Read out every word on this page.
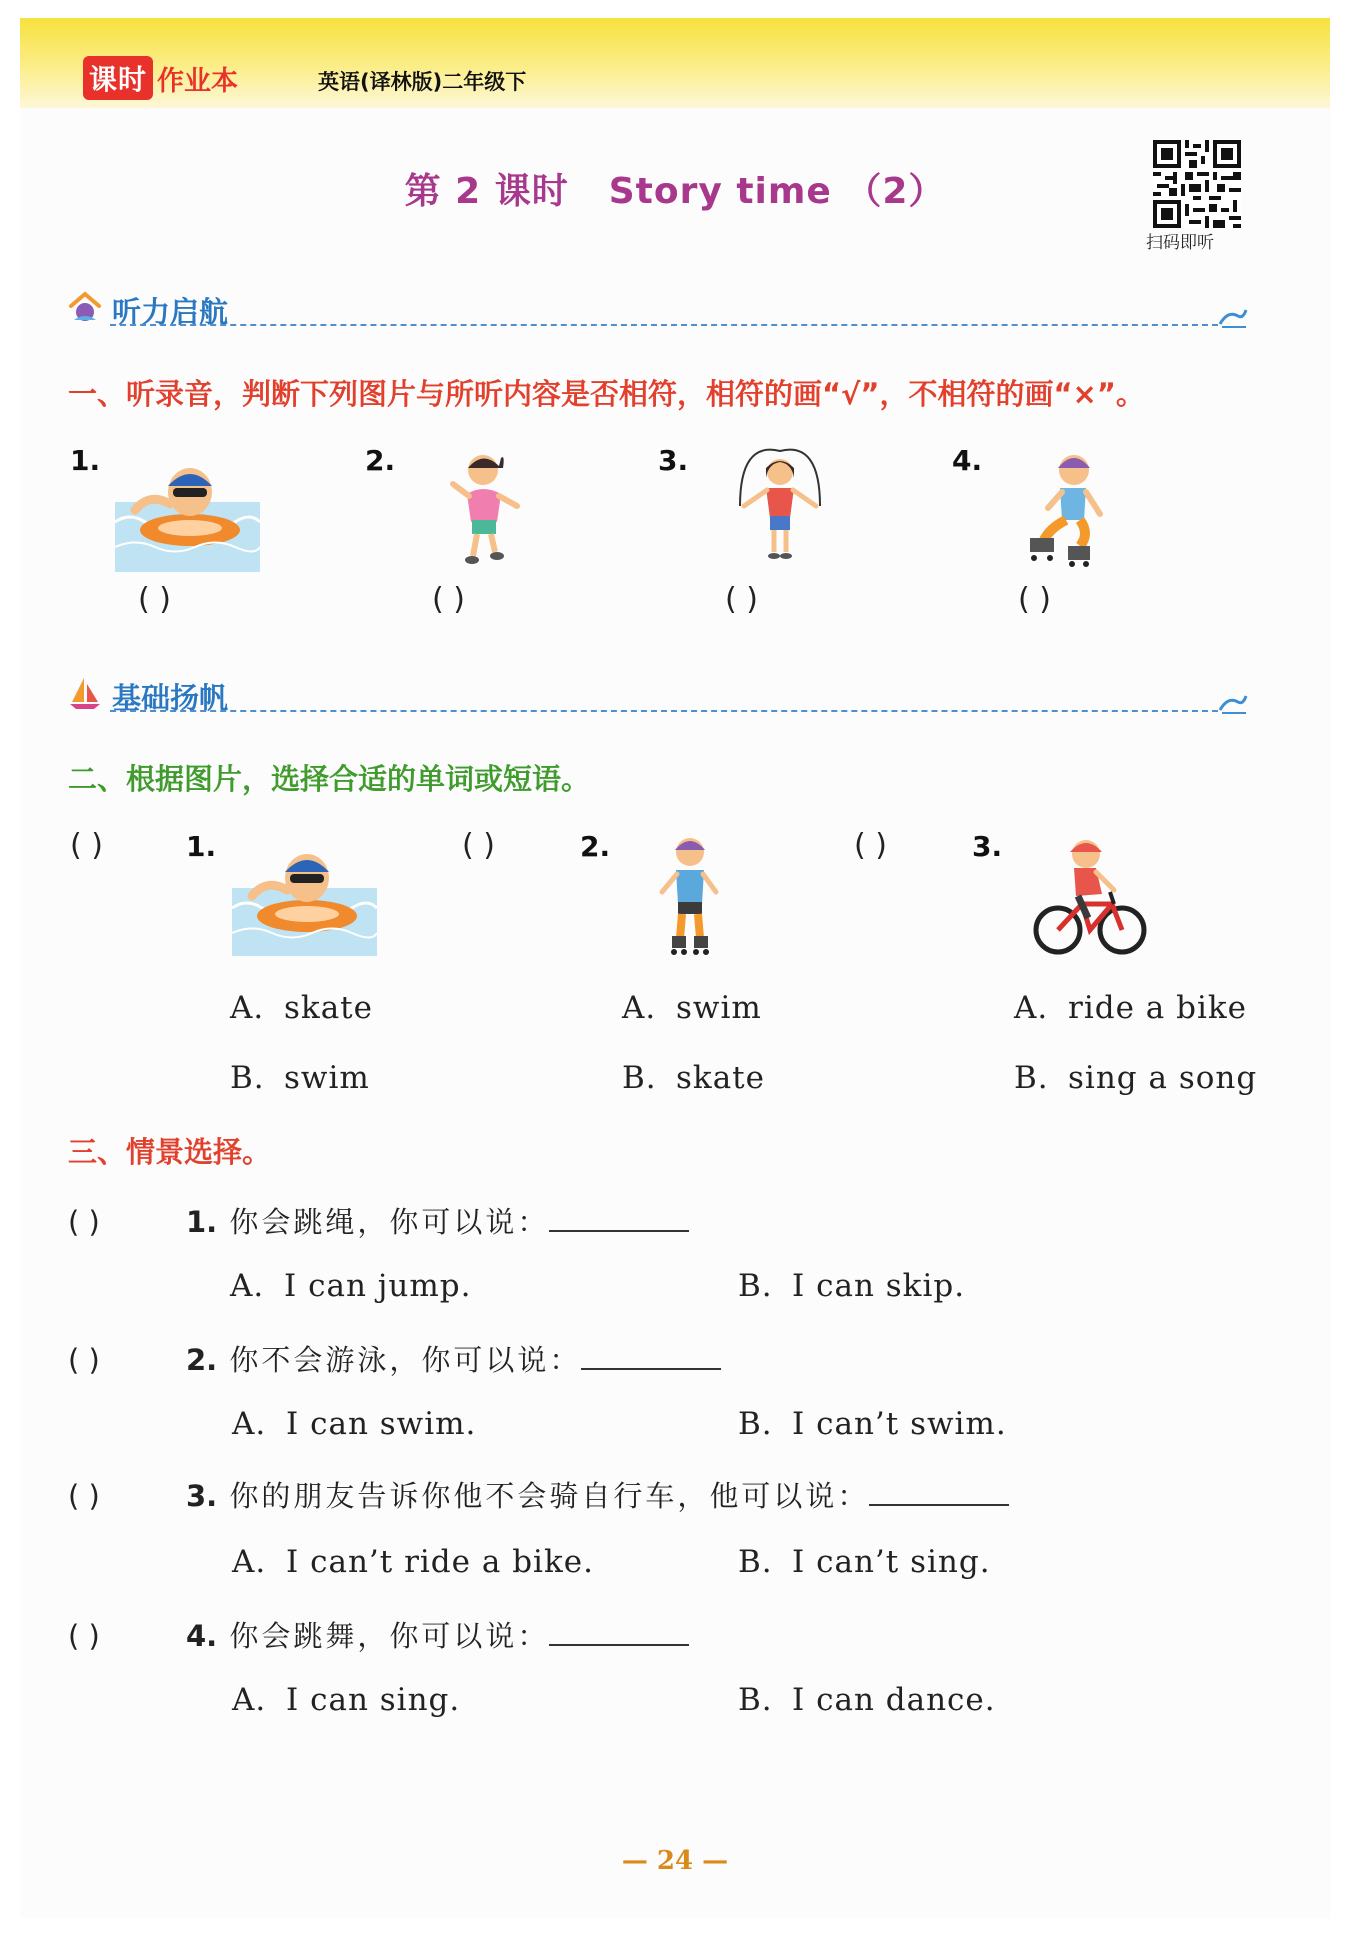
课时 作业本	英语(译林版)二年级下
第 2 课时 Story time （2）
扫码即听
听力启航
一、听录音，判断下列图片与所听内容是否相符，相符的画“√”，不相符的画“×”。
1.
( )
2.
( )
3.
( )
4.
( )
基础扬帆
二、根据图片，选择合适的单词或短语。
( )	1.
A. skate
B. swim
( )	2.
A. swim
B. skate
( )	3.
A. ride a bike
B. sing a song
三、情景选择。
( )	1. 你会跳绳，你可以说：
A. I can jump.	B. I can skip.
( )	2. 你不会游泳，你可以说：
A. I can swim.	B. I can’t swim.
( )	3. 你的朋友告诉你他不会骑自行车，他可以说：
A. I can’t ride a bike.	B. I can’t sing.
( )	4. 你会跳舞，你可以说：
A. I can sing.	B. I can dance.
— 24 —
